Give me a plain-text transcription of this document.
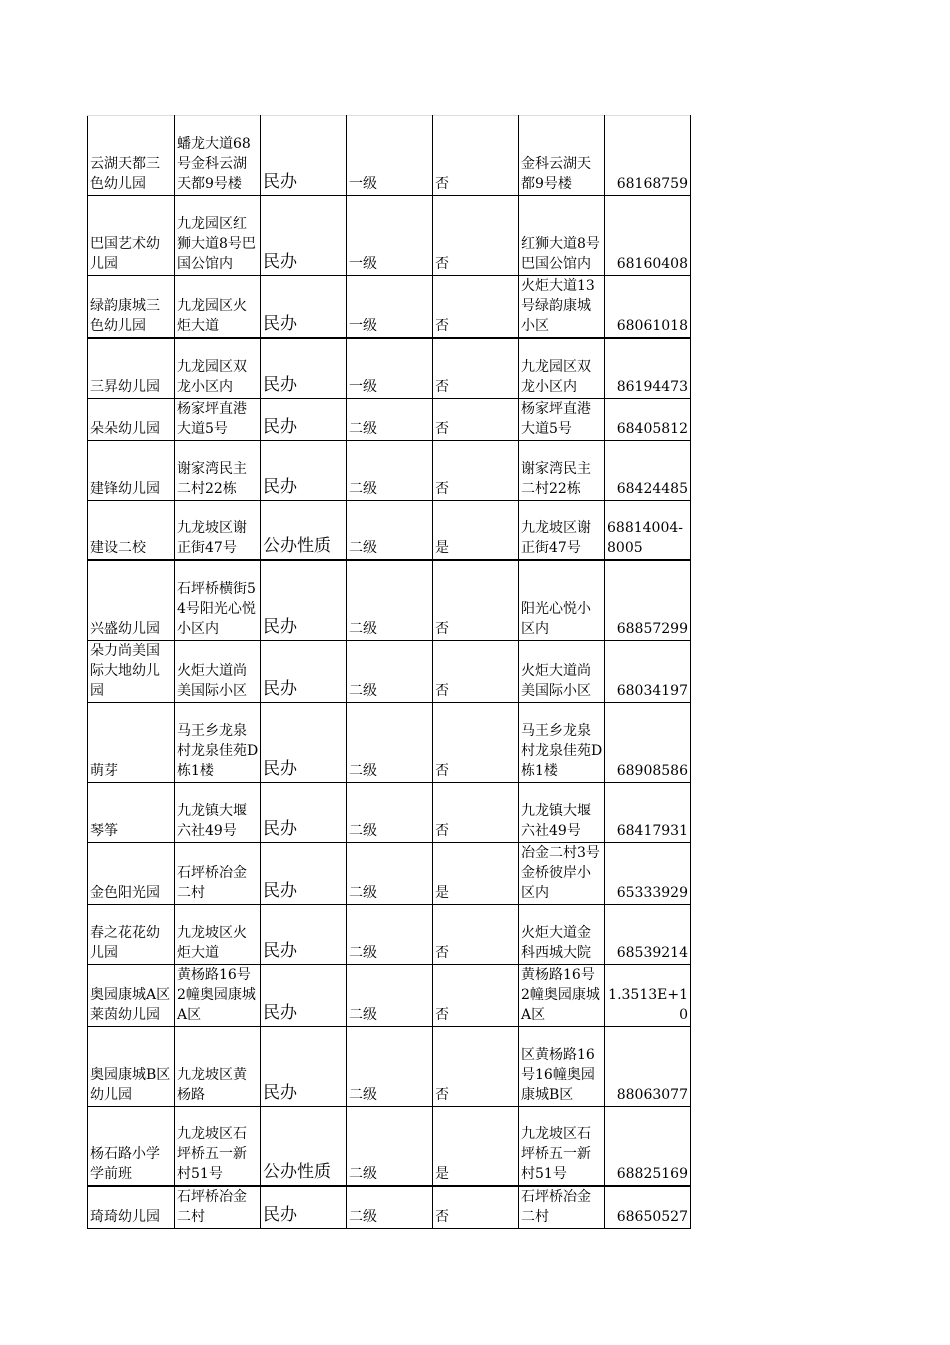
云湖天都三色幼儿园	蟠龙大道68号金科云湖天都9号楼	民办	一级	否	金科云湖天都9号楼	68168759
巴国艺术幼儿园	九龙园区红狮大道8号巴国公馆内	民办	一级	否	红狮大道8号巴国公馆内	68160408
绿韵康城三色幼儿园	九龙园区火炬大道	民办	一级	否	火炬大道13号绿韵康城小区	68061018
三昇幼儿园	九龙园区双龙小区内	民办	一级	否	九龙园区双龙小区内	86194473
朵朵幼儿园	杨家坪直港大道5号	民办	二级	否	杨家坪直港大道5号	68405812
建锋幼儿园	谢家湾民主二村22栋	民办	二级	否	谢家湾民主二村22栋	68424485
建设二校	九龙坡区谢正街47号	公办性质	二级	是	九龙坡区谢正街47号	68814004-8005
兴盛幼儿园	石坪桥横街54号阳光心悦小区内	民办	二级	否	阳光心悦小区内	68857299
朵力尚美国际大地幼儿园	火炬大道尚美国际小区	民办	二级	否	火炬大道尚美国际小区	68034197
萌芽	马王乡龙泉村龙泉佳苑D栋1楼	民办	二级	否	马王乡龙泉村龙泉佳苑D栋1楼	68908586
琴筝	九龙镇大堰六社49号	民办	二级	否	九龙镇大堰六社49号	68417931
金色阳光园	石坪桥冶金二村	民办	二级	是	冶金二村3号金桥彼岸小区内	65333929
春之花花幼儿园	九龙坡区火炬大道	民办	二级	否	火炬大道金科西城大院	68539214
奥园康城A区莱茵幼儿园	黄杨路16号2幢奥园康城A区	民办	二级	否	黄杨路16号2幢奥园康城A区	1.3513E+10
奥园康城B区幼儿园	九龙坡区黄杨路	民办	二级	否	区黄杨路16号16幢奥园康城B区	88063077
杨石路小学学前班	九龙坡区石坪桥五一新村51号	公办性质	二级	是	九龙坡区石坪桥五一新村51号	68825169
琦琦幼儿园	石坪桥冶金二村	民办	二级	否	石坪桥冶金二村	68650527
